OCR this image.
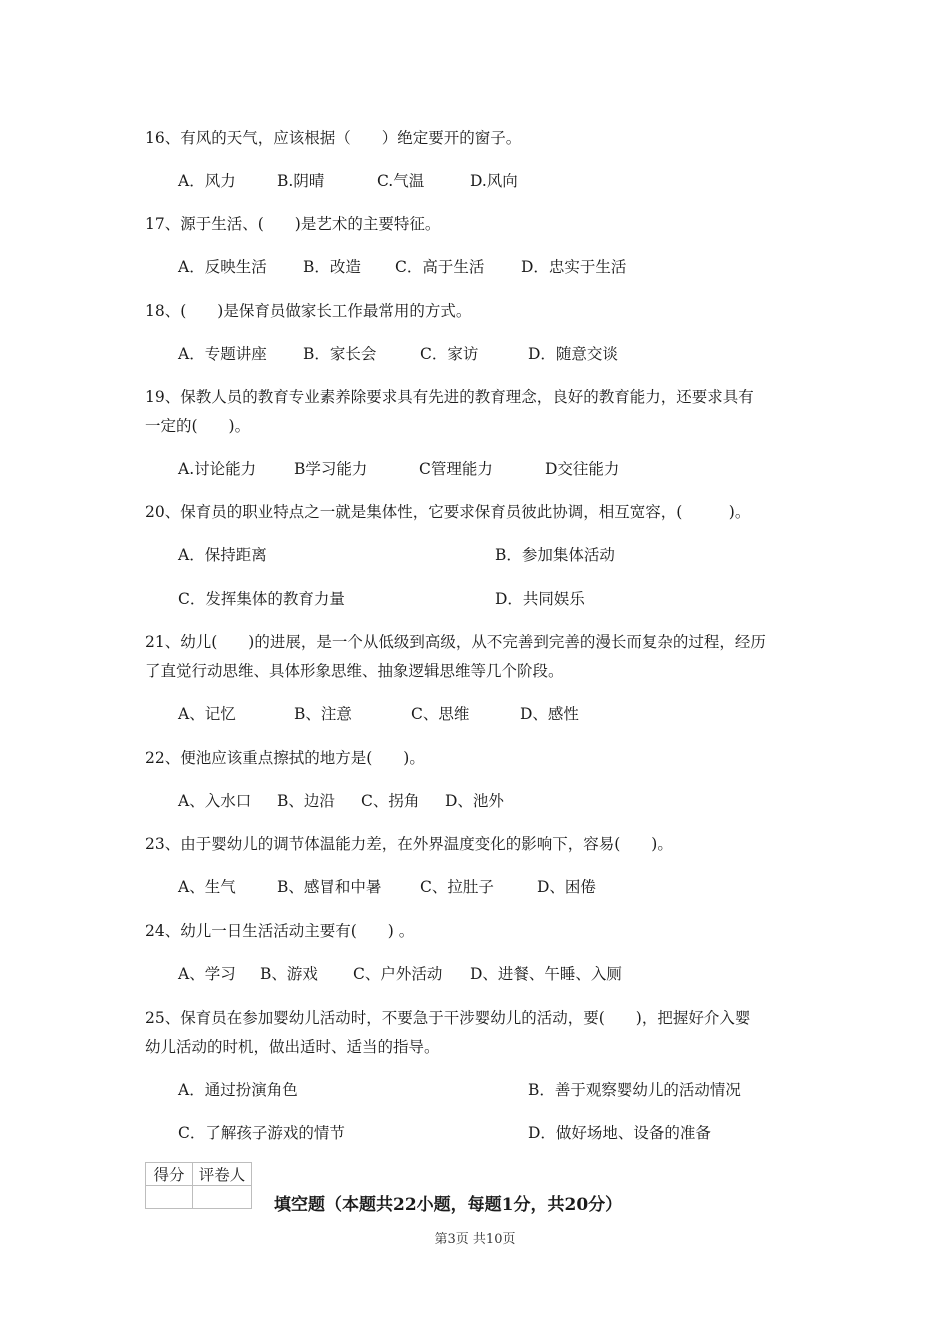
16、有风的天气，应该根据（　　）绝定要开的窗子。
A．风力	B.阴晴	C.气温	D.风向
17、源于生活、(　　)是艺术的主要特征。
A．反映生活 B．改造 C．高于生活 D．忠实于生活
18、(　　)是保育员做家长工作最常用的方式。
A．专题讲座 B．家长会	C．家访	D．随意交谈
19、保教人员的教育专业素养除要求具有先进的教育理念，良好的教育能力，还要求具有
一定的(　　)。
A.讨论能力 B学习能力	C管理能力	D交往能力
20、保育员的职业特点之一就是集体性，它要求保育员彼此协调，相互宽容，(　　　)。
A．保持距离	B．参加集体活动
C．发挥集体的教育力量	D．共同娱乐
21、幼儿(　　)的进展，是一个从低级到高级，从不完善到完善的漫长而复杂的过程，经历
了直觉行动思维、具体形象思维、抽象逻辑思维等几个阶段。
A、记忆	B、注意	C、思维	D、感性
22、便池应该重点擦拭的地方是(　　)。
A、入水口 B、边沿 C、拐角 D、池外
23、由于婴幼儿的调节体温能力差，在外界温度变化的影响下，容易(　　)。
A、生气	B、感冒和中暑 C、拉肚子	D、困倦
24、幼儿一日生活活动主要有(　　) 。
A、学习 B、游戏 C、户外活动 D、进餐、午睡、入厕
25、保育员在参加婴幼儿活动时，不要急于干涉婴幼儿的活动，要(　　)，把握好介入婴
幼儿活动的时机，做出适时、适当的指导。
A．通过扮演角色	B．善于观察婴幼儿的活动情况
C．了解孩子游戏的情节	D．做好场地、设备的准备
得分	评卷人

填空题（本题共22小题，每题1分，共20分）
第3页 共10页
